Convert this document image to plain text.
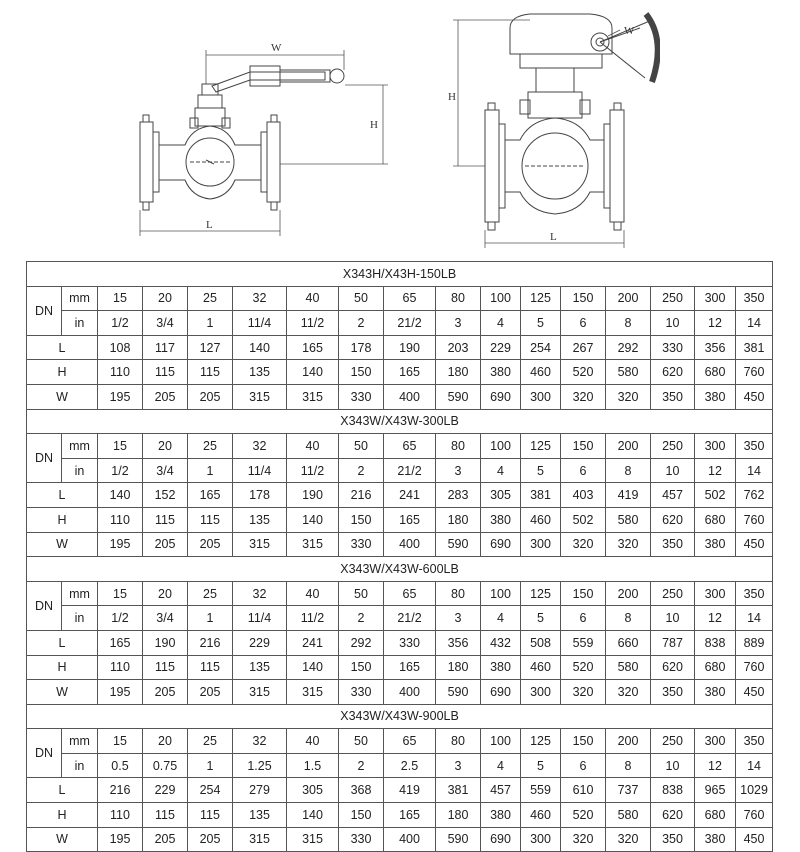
W
H
L
W
H
L
X343H/X43H-150LB																
DN	mm	15	20	25	32	40	50	65	80	100	125	150	200	250	300	350
	in	1/2	3/4	1	11/4	11/2	2	21/2	3	4	5	6	8	10	12	14
L		108	117	127	140	165	178	190	203	229	254	267	292	330	356	381
H		110	115	115	135	140	150	165	180	380	460	520	580	620	680	760
W		195	205	205	315	315	330	400	590	690	300	320	320	350	380	450
X343W/X43W-300LB																
DN	mm	15	20	25	32	40	50	65	80	100	125	150	200	250	300	350
	in	1/2	3/4	1	11/4	11/2	2	21/2	3	4	5	6	8	10	12	14
L		140	152	165	178	190	216	241	283	305	381	403	419	457	502	762
H		110	115	115	135	140	150	165	180	380	460	502	580	620	680	760
W		195	205	205	315	315	330	400	590	690	300	320	320	350	380	450
X343W/X43W-600LB																
DN	mm	15	20	25	32	40	50	65	80	100	125	150	200	250	300	350
	in	1/2	3/4	1	11/4	11/2	2	21/2	3	4	5	6	8	10	12	14
L		165	190	216	229	241	292	330	356	432	508	559	660	787	838	889
H		110	115	115	135	140	150	165	180	380	460	520	580	620	680	760
W		195	205	205	315	315	330	400	590	690	300	320	320	350	380	450
X343W/X43W-900LB																
DN	mm	15	20	25	32	40	50	65	80	100	125	150	200	250	300	350
	in	0.5	0.75	1	1.25	1.5	2	2.5	3	4	5	6	8	10	12	14
L		216	229	254	279	305	368	419	381	457	559	610	737	838	965	1029
H		110	115	115	135	140	150	165	180	380	460	520	580	620	680	760
W		195	205	205	315	315	330	400	590	690	300	320	320	350	380	450
